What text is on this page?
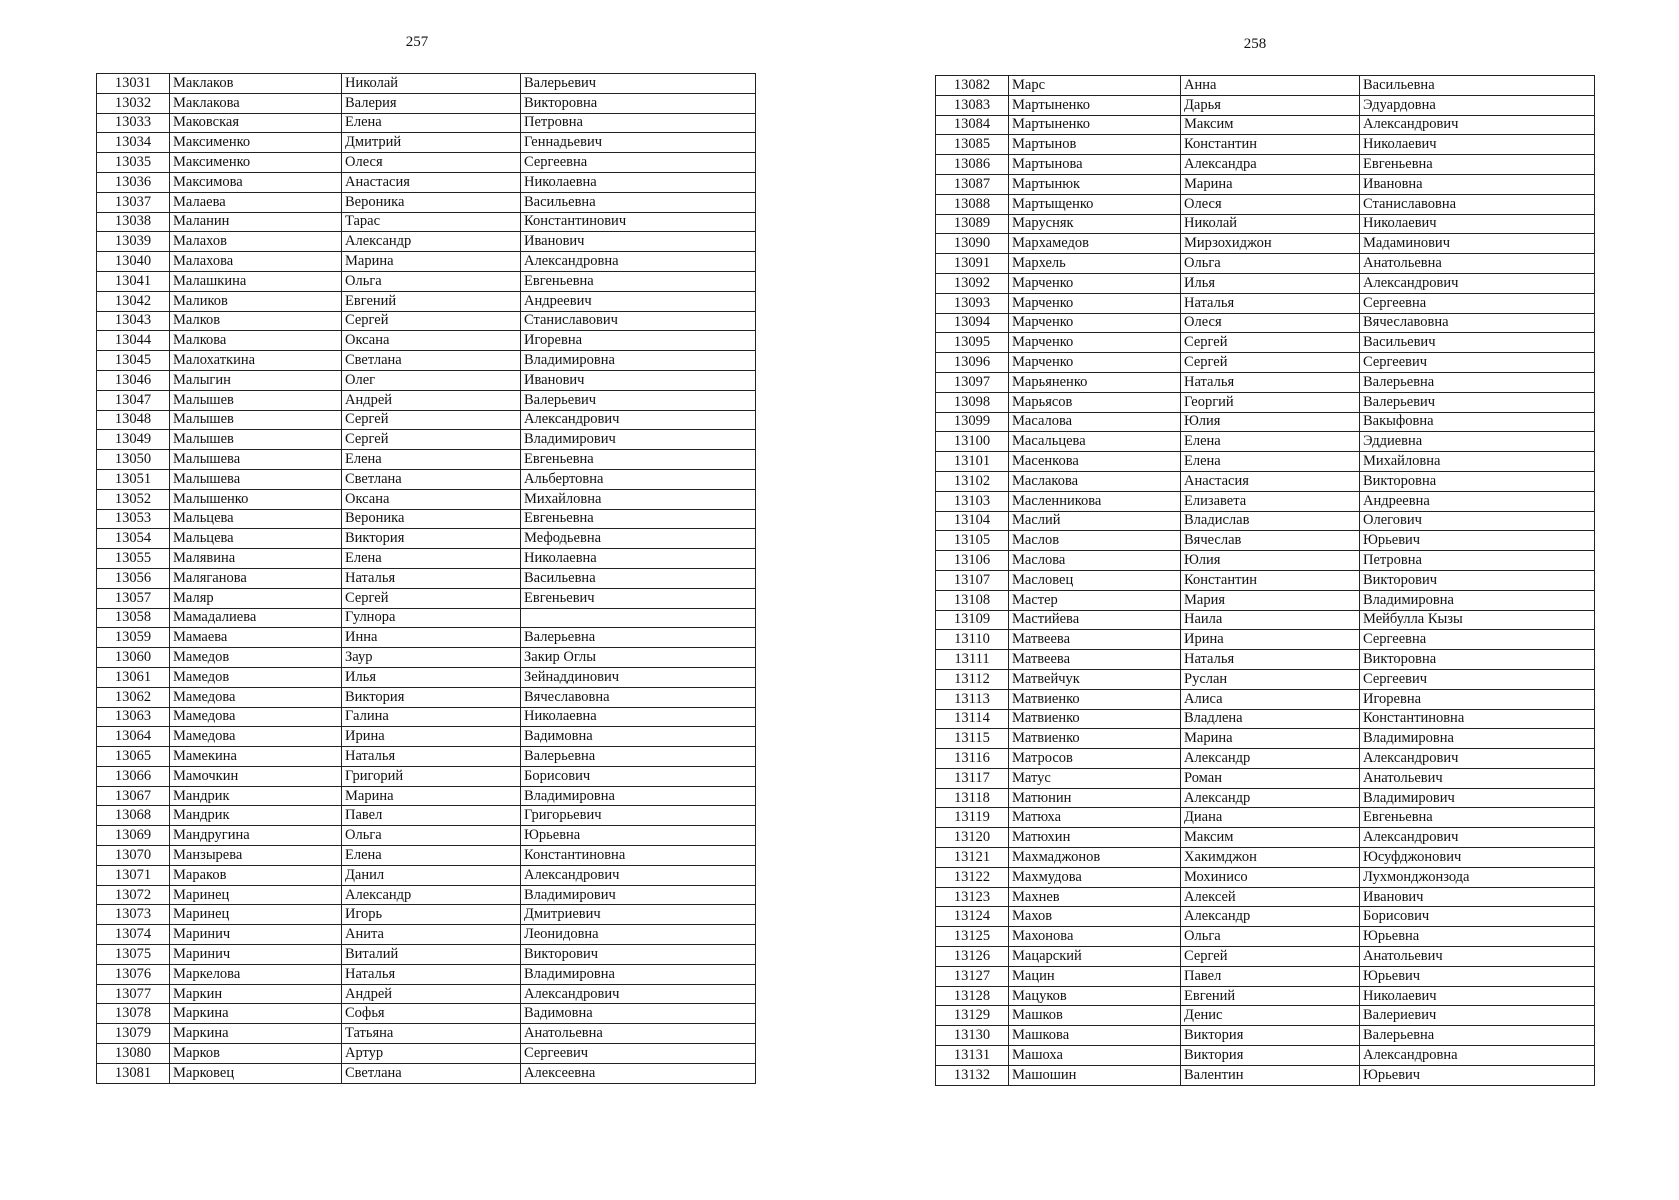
257	258
13031	Маклаков	Николай	Валерьевич
13032	Маклакова	Валерия	Викторовна
13033	Маковская	Елена	Петровна
13034	Максименко	Дмитрий	Геннадьевич
13035	Максименко	Олеся	Сергеевна
13036	Максимова	Анастасия	Николаевна
13037	Малаева	Вероника	Васильевна
13038	Маланин	Тарас	Константинович
13039	Малахов	Александр	Иванович
13040	Малахова	Марина	Александровна
13041	Малашкина	Ольга	Евгеньевна
13042	Маликов	Евгений	Андреевич
13043	Малков	Сергей	Станиславович
13044	Малкова	Оксана	Игоревна
13045	Малохаткина	Светлана	Владимировна
13046	Малыгин	Олег	Иванович
13047	Малышев	Андрей	Валерьевич
13048	Малышев	Сергей	Александрович
13049	Малышев	Сергей	Владимирович
13050	Малышева	Елена	Евгеньевна
13051	Малышева	Светлана	Альбертовна
13052	Малышенко	Оксана	Михайловна
13053	Мальцева	Вероника	Евгеньевна
13054	Мальцева	Виктория	Мефодьевна
13055	Малявина	Елена	Николаевна
13056	Маляганова	Наталья	Васильевна
13057	Маляр	Сергей	Евгеньевич
13058	Мамадалиева	Гулнора	
13059	Мамаева	Инна	Валерьевна
13060	Мамедов	Заур	Закир Оглы
13061	Мамедов	Илья	Зейнаддинович
13062	Мамедова	Виктория	Вячеславовна
13063	Мамедова	Галина	Николаевна
13064	Мамедова	Ирина	Вадимовна
13065	Мамекина	Наталья	Валерьевна
13066	Мамочкин	Григорий	Борисович
13067	Мандрик	Марина	Владимировна
13068	Мандрик	Павел	Григорьевич
13069	Мандругина	Ольга	Юрьевна
13070	Манзырева	Елена	Константиновна
13071	Мараков	Данил	Александрович
13072	Маринец	Александр	Владимирович
13073	Маринец	Игорь	Дмитриевич
13074	Маринич	Анита	Леонидовна
13075	Маринич	Виталий	Викторович
13076	Маркелова	Наталья	Владимировна
13077	Маркин	Андрей	Александрович
13078	Маркина	Софья	Вадимовна
13079	Маркина	Татьяна	Анатольевна
13080	Марков	Артур	Сергеевич
13081	Марковец	Светлана	Алексеевна
13082	Марс	Анна	Васильевна
13083	Мартыненко	Дарья	Эдуардовна
13084	Мартыненко	Максим	Александрович
13085	Мартынов	Константин	Николаевич
13086	Мартынова	Александра	Евгеньевна
13087	Мартынюк	Марина	Ивановна
13088	Мартыщенко	Олеся	Станиславовна
13089	Марусняк	Николай	Николаевич
13090	Мархамедов	Мирзохиджон	Мадаминович
13091	Мархель	Ольга	Анатольевна
13092	Марченко	Илья	Александрович
13093	Марченко	Наталья	Сергеевна
13094	Марченко	Олеся	Вячеславовна
13095	Марченко	Сергей	Васильевич
13096	Марченко	Сергей	Сергеевич
13097	Марьяненко	Наталья	Валерьевна
13098	Марьясов	Георгий	Валерьевич
13099	Масалова	Юлия	Вакыфовна
13100	Масальцева	Елена	Эддиевна
13101	Масенкова	Елена	Михайловна
13102	Маслакова	Анастасия	Викторовна
13103	Масленникова	Елизавета	Андреевна
13104	Маслий	Владислав	Олегович
13105	Маслов	Вячеслав	Юрьевич
13106	Маслова	Юлия	Петровна
13107	Масловец	Константин	Викторович
13108	Мастер	Мария	Владимировна
13109	Мастийева	Наила	Мейбулла Кызы
13110	Матвеева	Ирина	Сергеевна
13111	Матвеева	Наталья	Викторовна
13112	Матвейчук	Руслан	Сергеевич
13113	Матвиенко	Алиса	Игоревна
13114	Матвиенко	Владлена	Константиновна
13115	Матвиенко	Марина	Владимировна
13116	Матросов	Александр	Александрович
13117	Матус	Роман	Анатольевич
13118	Матюнин	Александр	Владимирович
13119	Матюха	Диана	Евгеньевна
13120	Матюхин	Максим	Александрович
13121	Махмаджонов	Хакимджон	Юсуфджонович
13122	Махмудова	Мохинисо	Лухмонджонзода
13123	Махнев	Алексей	Иванович
13124	Махов	Александр	Борисович
13125	Махонова	Ольга	Юрьевна
13126	Мацарский	Сергей	Анатольевич
13127	Мацин	Павел	Юрьевич
13128	Мацуков	Евгений	Николаевич
13129	Машков	Денис	Валериевич
13130	Машкова	Виктория	Валерьевна
13131	Машоха	Виктория	Александровна
13132	Машошин	Валентин	Юрьевич
